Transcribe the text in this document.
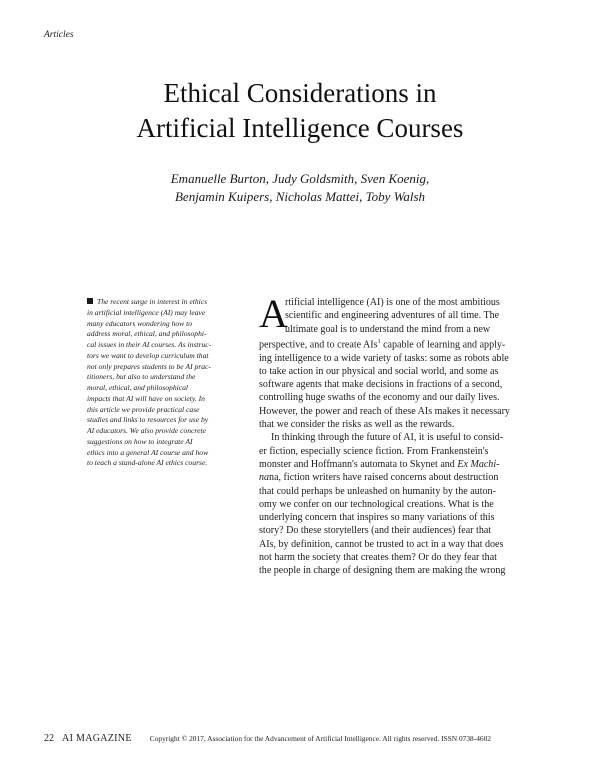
Articles
Ethical Considerations in
Artificial Intelligence Courses
Emanuelle Burton, Judy Goldsmith, Sven Koenig,
Benjamin Kuipers, Nicholas Mattei, Toby Walsh
The recent surge in interest in ethics
in artificial intelligence (AI) may leave
many educators wondering how to
address moral, ethical, and philosophi-
cal issues in their AI courses. As instruc-
tors we want to develop curriculum that
not only prepares students to be AI prac-
titioners, but also to understand the
moral, ethical, and philosophical
impacts that AI will have on society. In
this article we provide practical case
studies and links to resources for use by
AI educators. We also provide concrete
suggestions on how to integrate AI
ethics into a general AI course and how
to teach a stand-alone AI ethics course.
A
rtificial intelligence (AI) is one of the most ambitious
scientific and engineering adventures of all time. The
ultimate goal is to understand the mind from a new
perspective, and to create AIs$^1$ capable of learning and apply-
ing intelligence to a wide variety of tasks: some as robots able
to take action in our physical and social world, and some as
software agents that make decisions in fractions of a second,
controlling huge swaths of the economy and our daily lives.
However, the power and reach of these AIs makes it necessary
that we consider the risks as well as the rewards.
In thinking through the future of AI, it is useful to consid-
er fiction, especially science fiction. From Frankenstein's
monster and Hoffmann's automata to Skynet and Ex Machi-
nana, fiction writers have raised concerns about destruction
that could perhaps be unleashed on humanity by the auton-
omy we confer on our technological creations. What is the
underlying concern that inspires so many variations of this
story? Do these storytellers (and their audiences) fear that
AIs, by definition, cannot be trusted to act in a way that does
not harm the society that creates them? Or do they fear that
the people in charge of designing them are making the wrong
22 AI MAGAZINE Copyright © 2017, Association for the Advancement of Artificial Intelligence. All rights reserved. ISSN 0738-4602
